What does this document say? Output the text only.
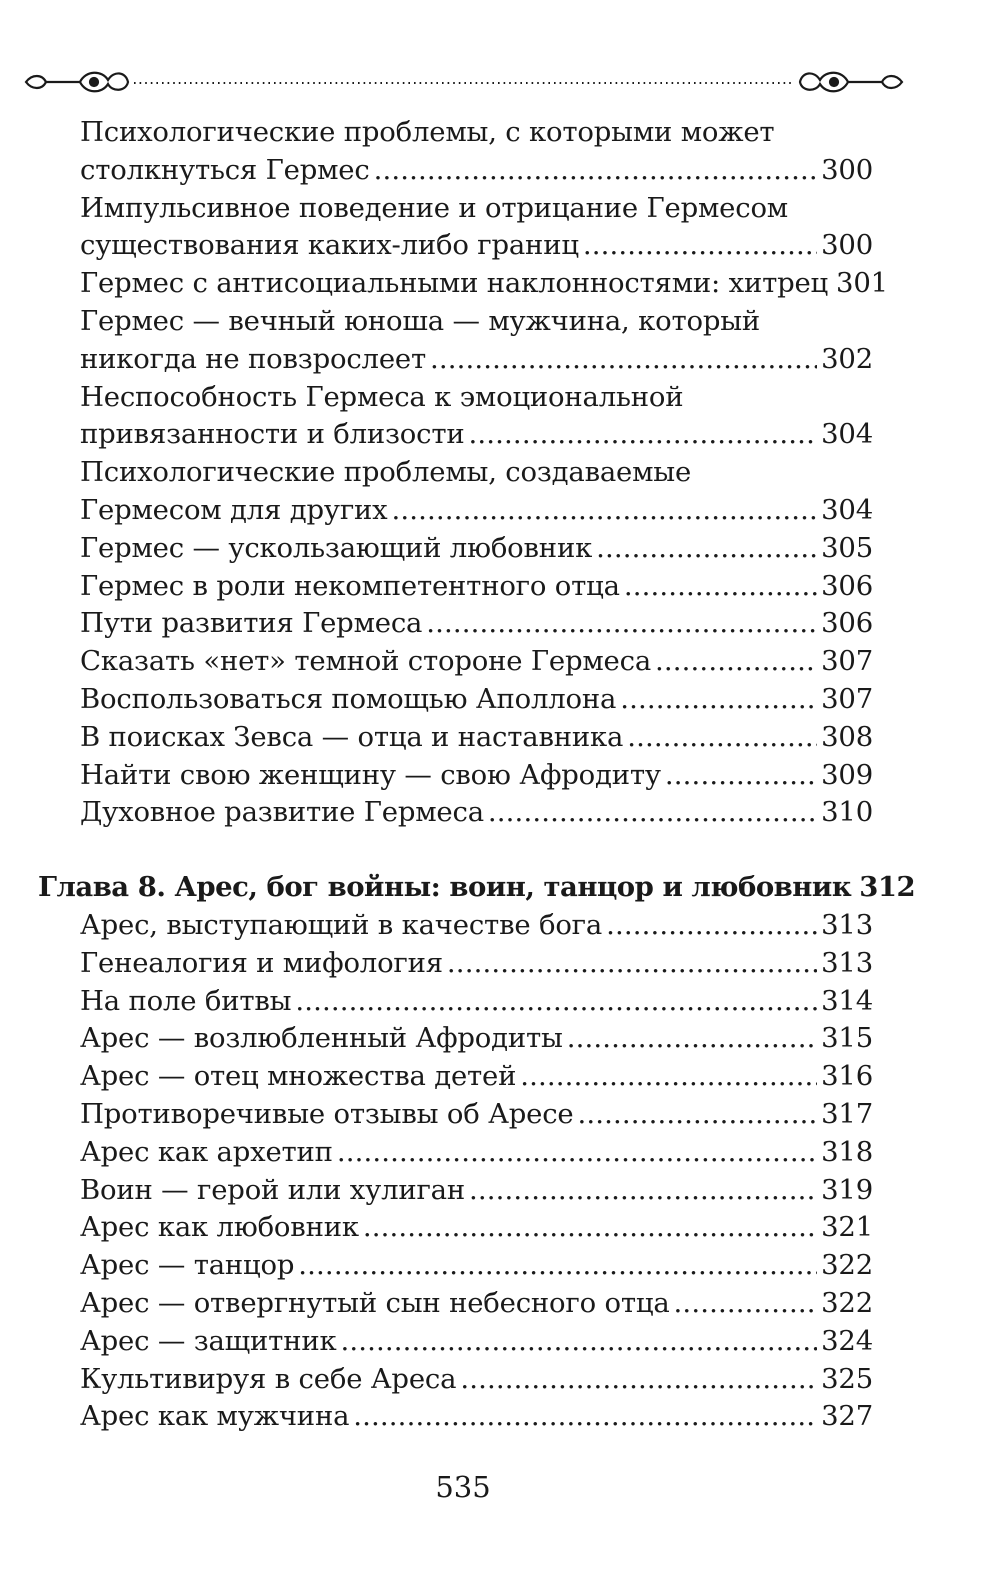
Психологические проблемы, с которыми может
столкнуться Гермес . . .	300
Импульсивное поведение и отрицание Гермесом
существования каких-либо границ . . .	300
Гермес с антисоциальными наклонностями: хитрец 301
Гермес — вечный юноша — мужчина, который
никогда не повзрослеет . . .	302
Неспособность Гермеса к эмоциональной
привязанности и близости . . .	304
Психологические проблемы, создаваемые
Гермесом для других . . .	304
Гермес — ускользающий любовник . . .	305
Гермес в роли некомпетентного отца . . .	306
Пути развития Гермеса . . .	306
Сказать «нет» темной стороне Гермеса . . .	307
Воспользоваться помощью Аполлона . . .	307
В поисках Зевса — отца и наставника . . .	308
Найти свою женщину — свою Афродиту . . .	309
Духовное развитие Гермеса . . .	310
Глава 8. Арес, бог войны: воин, танцор и любовник 312
Арес, выступающий в качестве бога . . .	313
Генеалогия и мифология . . .	313
На поле битвы . . .	314
Арес — возлюбленный Афродиты . . .	315
Арес — отец множества детей . . .	316
Противоречивые отзывы об Аресе . . .	317
Арес как архетип . . .	318
Воин — герой или хулиган . . .	319
Арес как любовник . . .	321
Арес — танцор . . .	322
Арес — отвергнутый сын небесного отца . . .	322
Арес — защитник . . .	324
Культивируя в себе Ареса . . .	325
Арес как мужчина . . .	327
535
